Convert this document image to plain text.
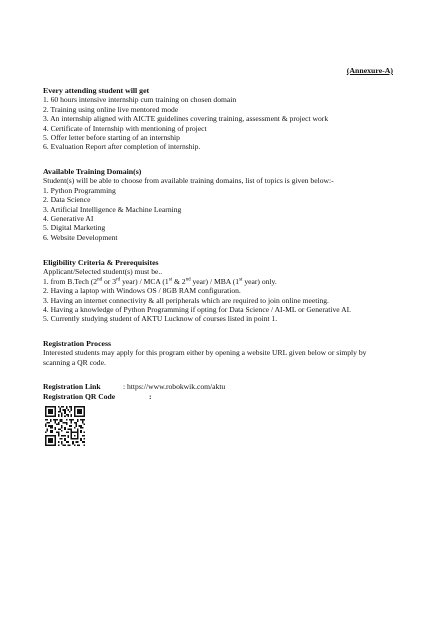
(Annexure-A)

Every attending student will get

1. 60 hours intensive internship cum training on chosen domain

2. Training using online live mentored mode

3. An internship aligned with AICTE guidelines covering training, assessment & project work

4. Certificate of Internship with mentioning of project

5. Offer letter before starting of an internship

6. Evaluation Report after completion of internship.

Available Training Domain(s)

Student(s) will be able to choose from available training domains, list of topics is given below:-

1. Python Programming

2. Data Science

3. Artificial Intelligence & Machine Learning

4. Generative AI

5. Digital Marketing

6. Website Development

Eligibility Criteria & Prerequisites

Applicant/Selected student(s) must be..

1. from B.Tech (2nd or 3rd year) / MCA (1st & 2nd year) / MBA (1st year) only.

2. Having a laptop with Windows OS / 8GB RAM configuration.

3. Having an internet connectivity & all peripherals which are required to join online meeting.

4. Having a knowledge of Python Programming if opting for Data Science / AI-ML or Generative AI.

5. Currently studying student of AKTU Lucknow of courses listed in point 1.

Registration Process

Interested students may apply for this program either by opening a website URL given below or simply by scanning a QR code.

Registration Link	: https://www.robokwik.com/aktu
Registration QR Code	:
